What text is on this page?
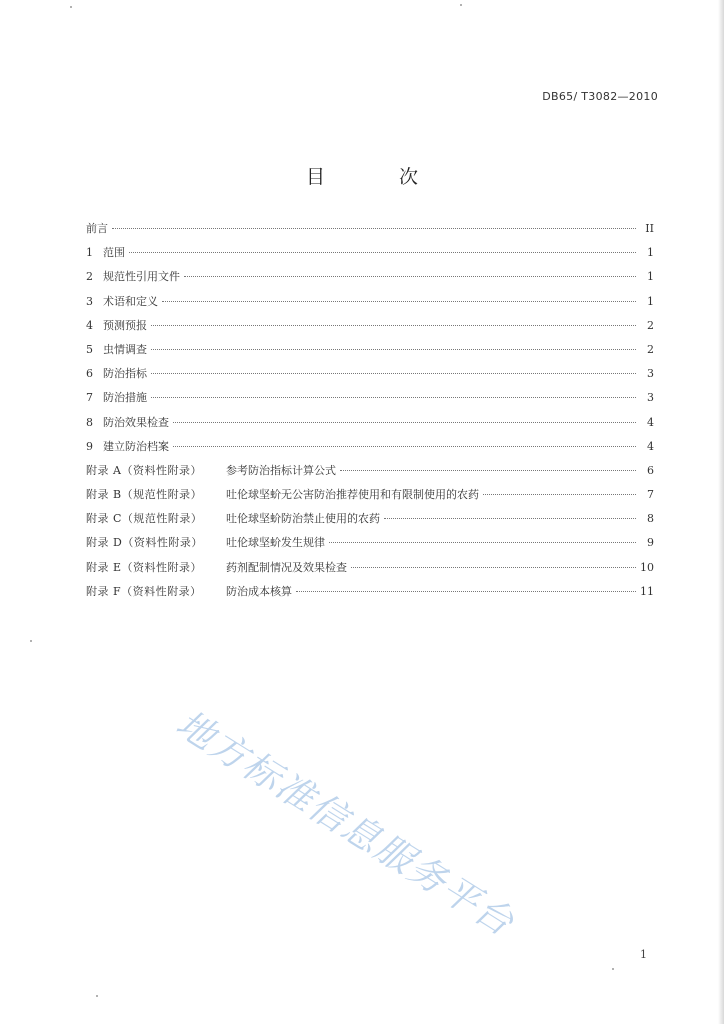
DB65/ T3082—2010
目 次
前言	II
1 范围	1
2 规范性引用文件	1
3 术语和定义	1
4 预测预报	2
5 虫情调查	2
6 防治指标	3
7 防治措施	3
8 防治效果检查	4
9 建立防治档案	4
附录 A（资料性附录）	参考防治指标计算公式	6
附录 B（规范性附录）	吐伦球坚蚧无公害防治推荐使用和有限制使用的农药	7
附录 C（规范性附录）	吐伦球坚蚧防治禁止使用的农药	8
附录 D（资料性附录）	吐伦球坚蚧发生规律	9
附录 E（资料性附录）	药剂配制情况及效果检查	10
附录 F（资料性附录）	防治成本核算	11
地方标准信息服务平台
1
